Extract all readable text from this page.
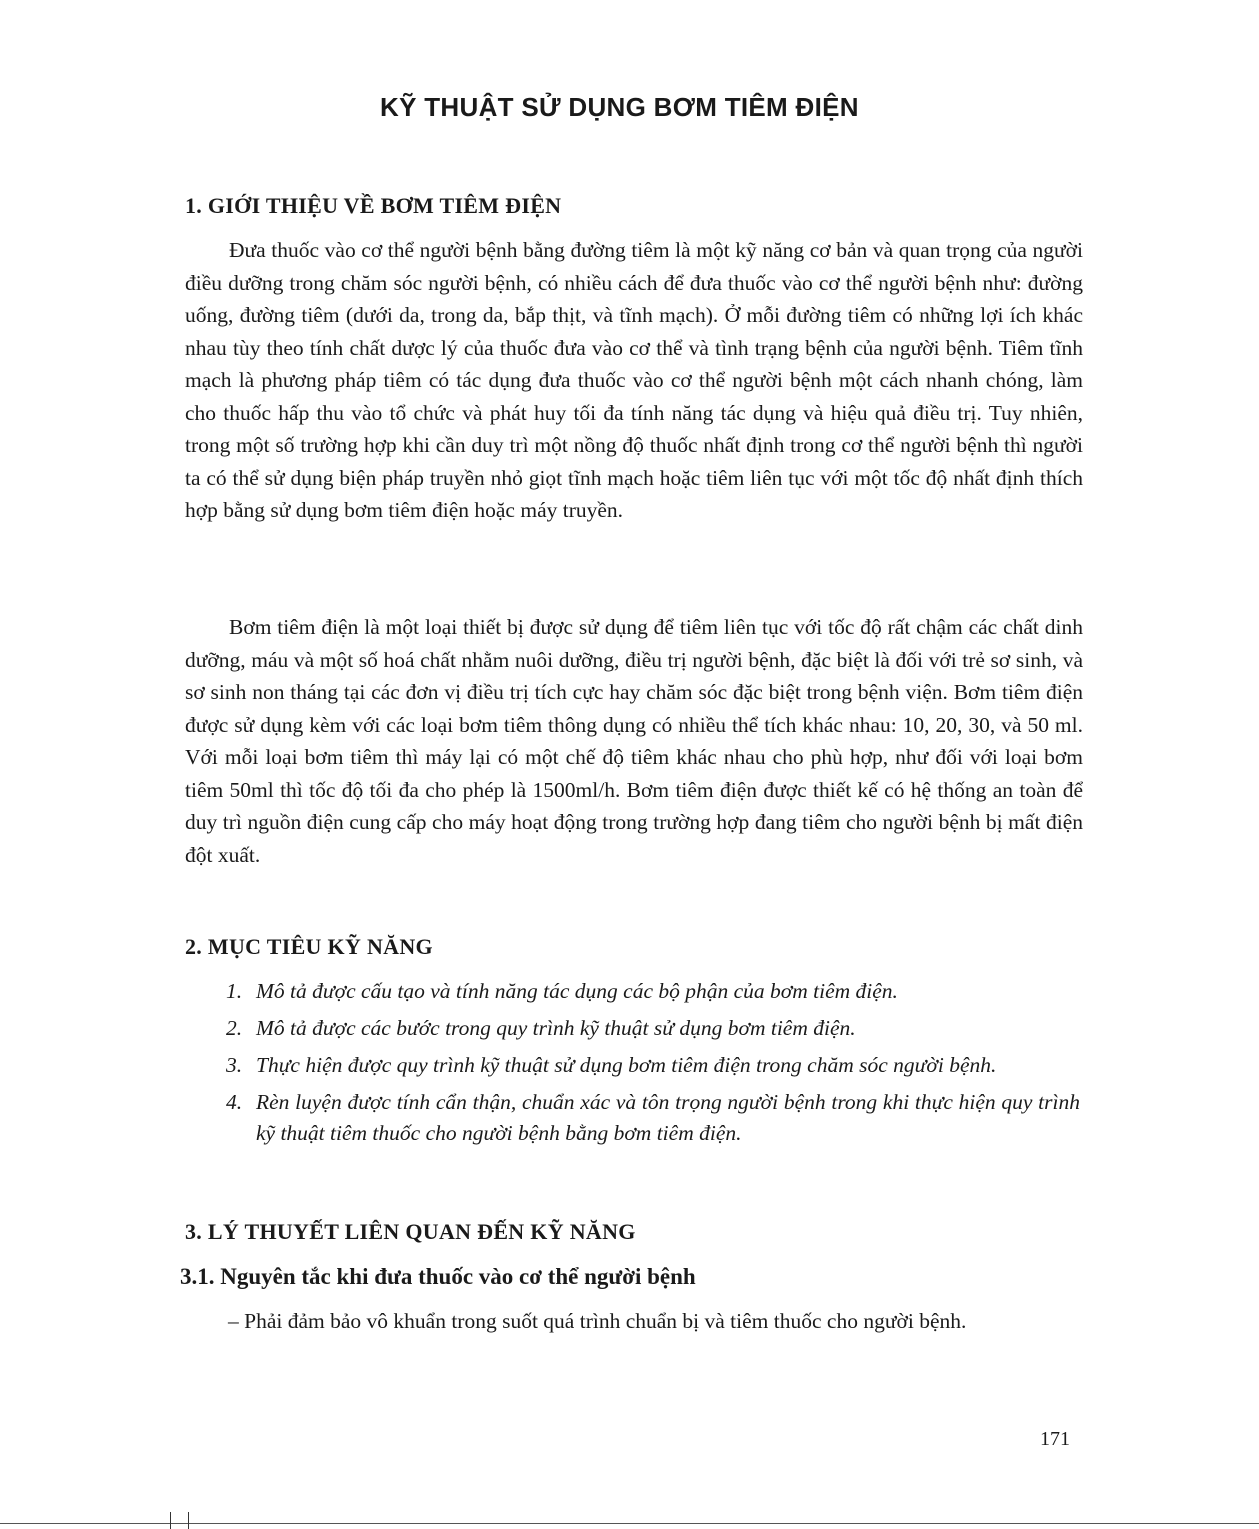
KỸ THUẬT SỬ DỤNG BƠM TIÊM ĐIỆN
1. GIỚI THIỆU VỀ BƠM TIÊM ĐIỆN

Đưa thuốc vào cơ thể người bệnh bằng đường tiêm là một kỹ năng cơ bản và quan trọng của người điều dưỡng trong chăm sóc người bệnh, có nhiều cách để đưa thuốc vào cơ thể người bệnh như: đường uống, đường tiêm (dưới da, trong da, bắp thịt, và tĩnh mạch). Ở mỗi đường tiêm có những lợi ích khác nhau tùy theo tính chất dược lý của thuốc đưa vào cơ thể và tình trạng bệnh của người bệnh. Tiêm tĩnh mạch là phương pháp tiêm có tác dụng đưa thuốc vào cơ thể người bệnh một cách nhanh chóng, làm cho thuốc hấp thu vào tổ chức và phát huy tối đa tính năng tác dụng và hiệu quả điều trị. Tuy nhiên, trong một số trường hợp khi cần duy trì một nồng độ thuốc nhất định trong cơ thể người bệnh thì người ta có thể sử dụng biện pháp truyền nhỏ giọt tĩnh mạch hoặc tiêm liên tục với một tốc độ nhất định thích hợp bằng sử dụng bơm tiêm điện hoặc máy truyền.

Bơm tiêm điện là một loại thiết bị được sử dụng để tiêm liên tục với tốc độ rất chậm các chất dinh dưỡng, máu và một số hoá chất nhằm nuôi dưỡng, điều trị người bệnh, đặc biệt là đối với trẻ sơ sinh, và sơ sinh non tháng tại các đơn vị điều trị tích cực hay chăm sóc đặc biệt trong bệnh viện. Bơm tiêm điện được sử dụng kèm với các loại bơm tiêm thông dụng có nhiều thể tích khác nhau: 10, 20, 30, và 50 ml. Với mỗi loại bơm tiêm thì máy lại có một chế độ tiêm khác nhau cho phù hợp, như đối với loại bơm tiêm 50ml thì tốc độ tối đa cho phép là 1500ml/h. Bơm tiêm điện được thiết kế có hệ thống an toàn để duy trì nguồn điện cung cấp cho máy hoạt động trong trường hợp đang tiêm cho người bệnh bị mất điện đột xuất.

2. MỤC TIÊU KỸ NĂNG
1. Mô tả được cấu tạo và tính năng tác dụng các bộ phận của bơm tiêm điện.
2. Mô tả được các bước trong quy trình kỹ thuật sử dụng bơm tiêm điện.
3. Thực hiện được quy trình kỹ thuật sử dụng bơm tiêm điện trong chăm sóc người bệnh.
4. Rèn luyện được tính cẩn thận, chuẩn xác và tôn trọng người bệnh trong khi thực hiện quy trình kỹ thuật tiêm thuốc cho người bệnh bằng bơm tiêm điện.
3. LÝ THUYẾT LIÊN QUAN ĐẾN KỸ NĂNG
3.1. Nguyên tắc khi đưa thuốc vào cơ thể người bệnh

– Phải đảm bảo vô khuẩn trong suốt quá trình chuẩn bị và tiêm thuốc cho người bệnh.

171
